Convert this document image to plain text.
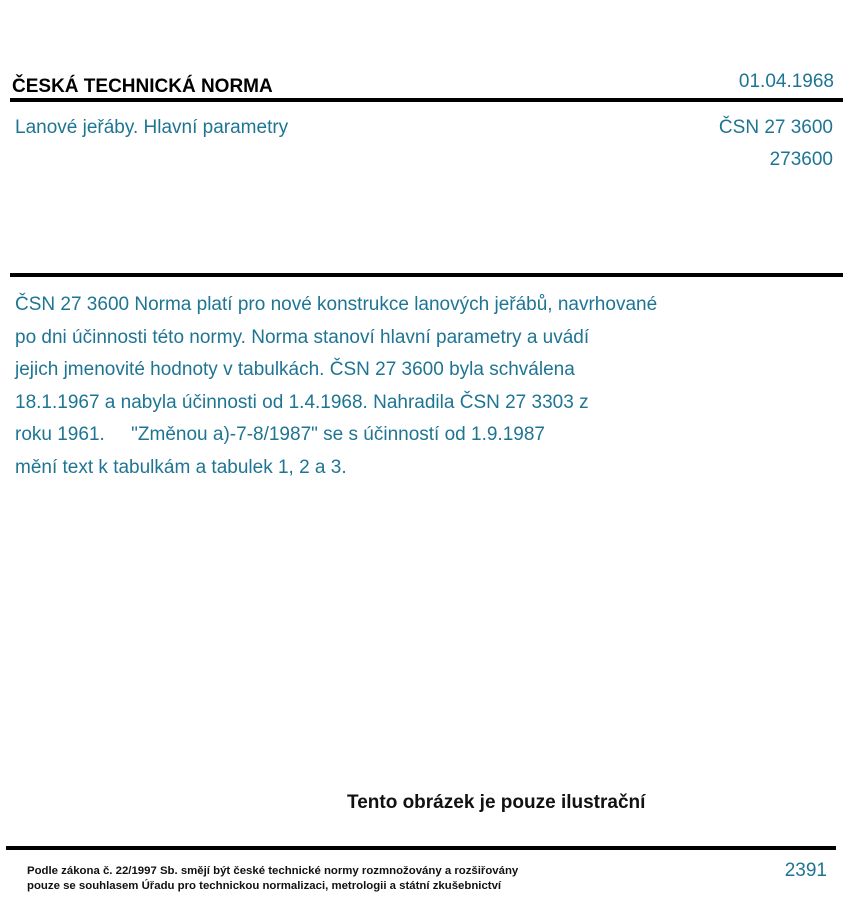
ČESKÁ TECHNICKÁ NORMA	01.04.1968
Lanové jeřáby. Hlavní parametry	ČSN 27 3600
273600
ČSN 27 3600 Norma platí pro nové konstrukce lanových jeřábů, navrhované
po dni účinnosti této normy. Norma stanoví hlavní parametry a uvádí
jejich jmenovité hodnoty v tabulkách. ČSN 27 3600 byla schválena
18.1.1967 a nabyla účinnosti od 1.4.1968. Nahradila ČSN 27 3303 z
roku 1961.     "Změnou a)-7-8/1987" se s účinností od 1.9.1987
mění text k tabulkám a tabulek 1, 2 a 3.
Tento obrázek je pouze ilustrační
Podle zákona č. 22/1997 Sb. smějí být české technické normy rozmnožovány a rozšiřovány
pouze se souhlasem Úřadu pro technickou normalizaci, metrologii a státní zkušebnictví
2391
